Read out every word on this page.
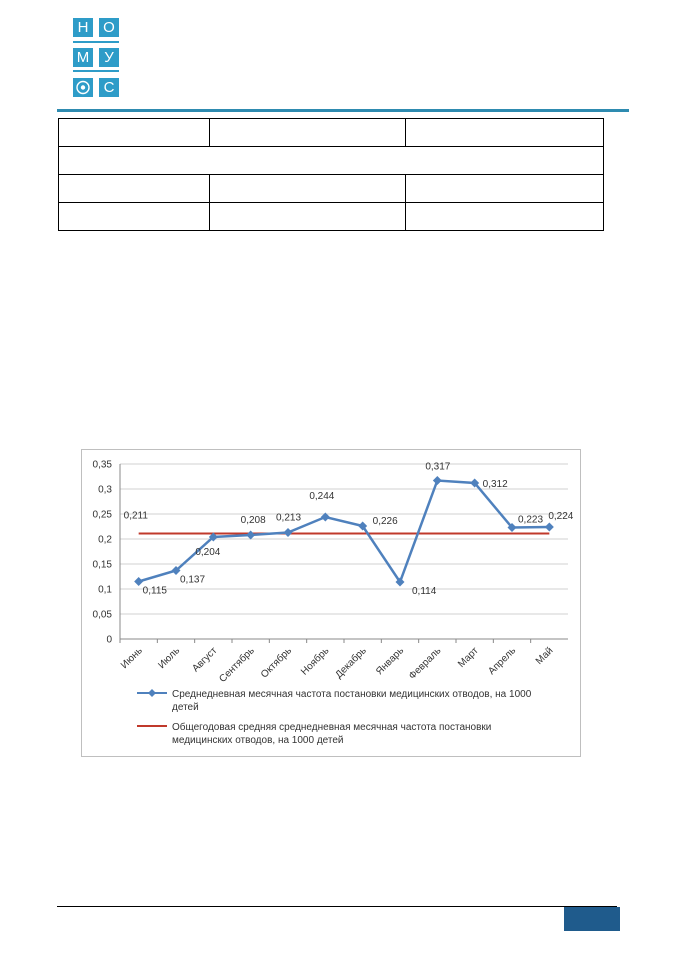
Н О
М У
С

0
0,05
0,1
0,15
0,2
0,25
0,3
0,35
Июнь Июль Август
Сентябрь Октябрь Ноябрь Декабрь Январь Февраль Март Апрель Май
0,115
0,137
0,204
0,208 0,213
0,244
0,226
0,114
0,317
0,312
0,223 0,224
0,211
Среднедневная месячная частота постановки медицинских отводов, на 1000
детей
Общегодовая средняя среднедневная месячная частота постановки
медицинских отводов, на 1000 детей
